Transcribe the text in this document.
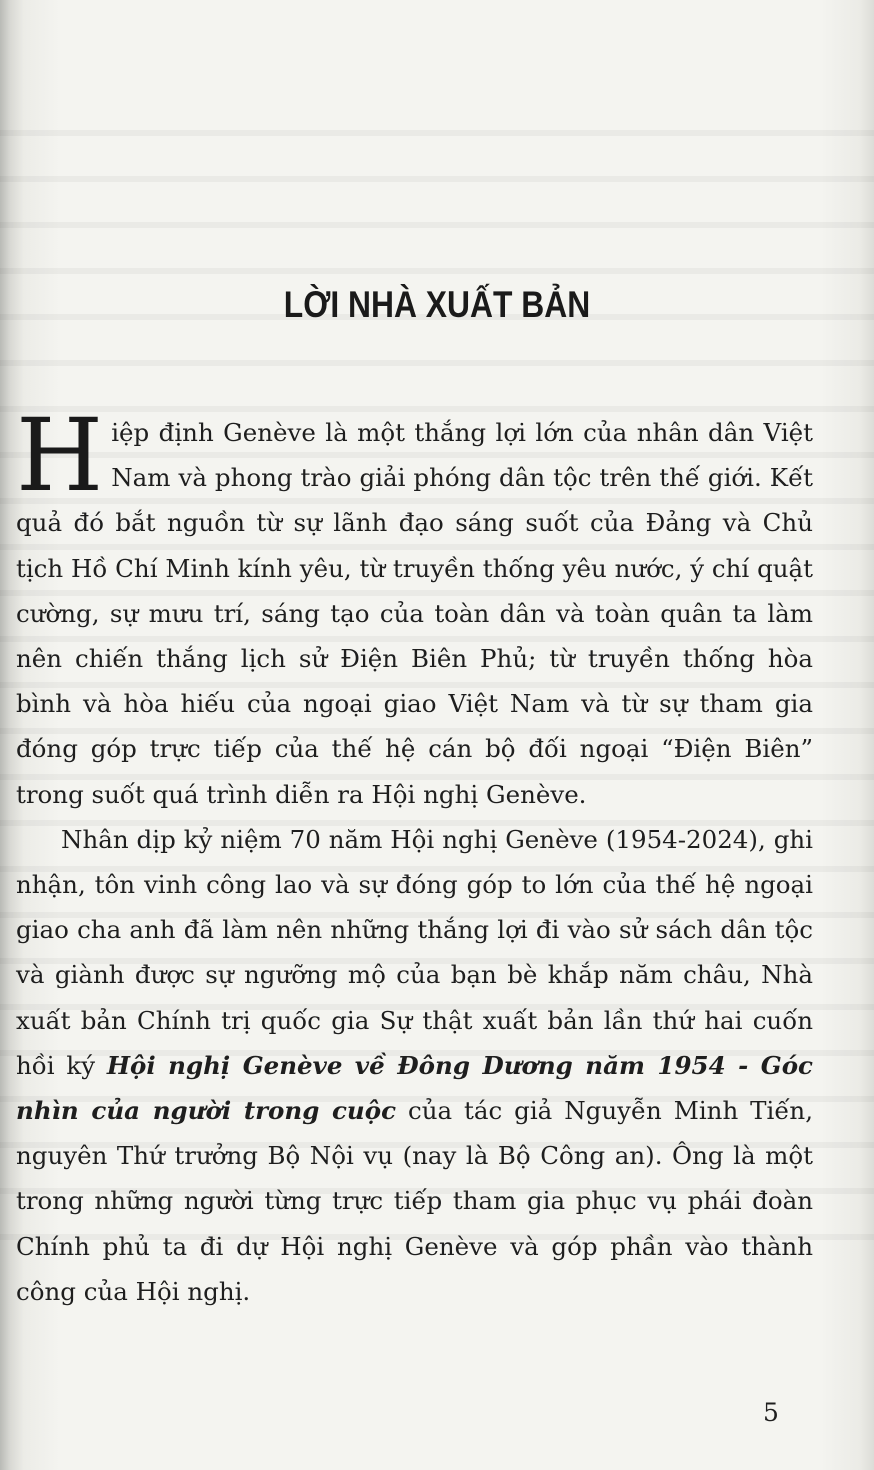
LỜI NHÀ XUẤT BẢN

Hiệp định Genève là một thắng lợi lớn của nhân dân Việt Nam và phong trào giải phóng dân tộc trên thế giới. Kết quả đó bắt nguồn từ sự lãnh đạo sáng suốt của Đảng và Chủ tịch Hồ Chí Minh kính yêu, từ truyền thống yêu nước, ý chí quật cường, sự mưu trí, sáng tạo của toàn dân và toàn quân ta làm nên chiến thắng lịch sử Điện Biên Phủ; từ truyền thống hòa bình và hòa hiếu của ngoại giao Việt Nam và từ sự tham gia đóng góp trực tiếp của thế hệ cán bộ đối ngoại “Điện Biên” trong suốt quá trình diễn ra Hội nghị Genève.

Nhân dịp kỷ niệm 70 năm Hội nghị Genève (1954-2024), ghi nhận, tôn vinh công lao và sự đóng góp to lớn của thế hệ ngoại giao cha anh đã làm nên những thắng lợi đi vào sử sách dân tộc và giành được sự ngưỡng mộ của bạn bè khắp năm châu, Nhà xuất bản Chính trị quốc gia Sự thật xuất bản lần thứ hai cuốn hồi ký Hội nghị Genève về Đông Dương năm 1954 - Góc nhìn của người trong cuộc của tác giả Nguyễn Minh Tiến, nguyên Thứ trưởng Bộ Nội vụ (nay là Bộ Công an). Ông là một trong những người từng trực tiếp tham gia phục vụ phái đoàn Chính phủ ta đi dự Hội nghị Genève và góp phần vào thành công của Hội nghị.

5
